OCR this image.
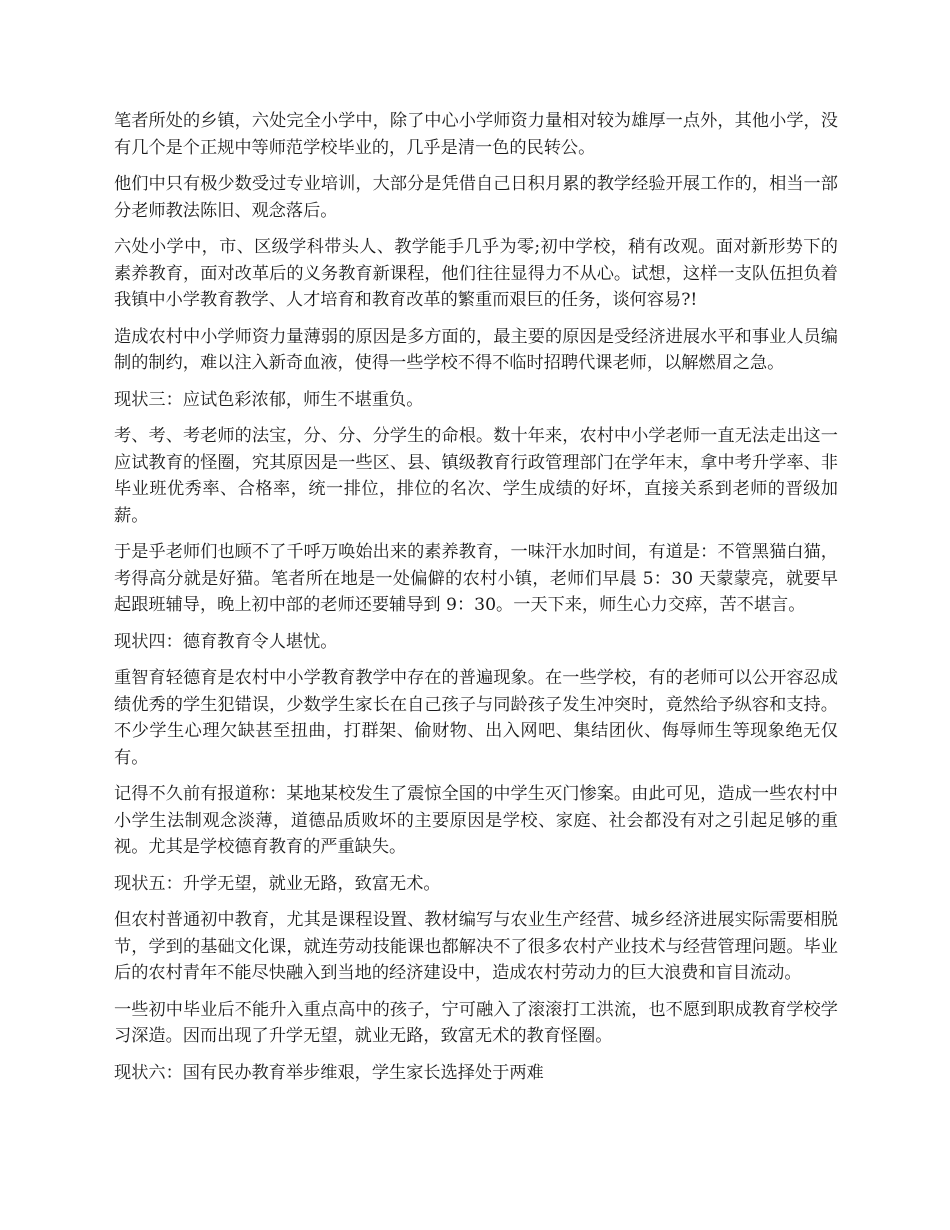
笔者所处的乡镇，六处完全小学中，除了中心小学师资力量相对较为雄厚一点外，其他小学，没有几个是个正规中等师范学校毕业的，几乎是清一色的民转公。

他们中只有极少数受过专业培训，大部分是凭借自己日积月累的教学经验开展工作的，相当一部分老师教法陈旧、观念落后。

六处小学中，市、区级学科带头人、教学能手几乎为零;初中学校，稍有改观。面对新形势下的素养教育，面对改革后的义务教育新课程，他们往往显得力不从心。试想，这样一支队伍担负着我镇中小学教育教学、人才培育和教育改革的繁重而艰巨的任务，谈何容易?!

造成农村中小学师资力量薄弱的原因是多方面的，最主要的原因是受经济进展水平和事业人员编制的制约，难以注入新奇血液，使得一些学校不得不临时招聘代课老师，以解燃眉之急。

现状三：应试色彩浓郁，师生不堪重负。

考、考、考老师的法宝，分、分、分学生的命根。数十年来，农村中小学老师一直无法走出这一应试教育的怪圈，究其原因是一些区、县、镇级教育行政管理部门在学年末，拿中考升学率、非毕业班优秀率、合格率，统一排位，排位的名次、学生成绩的好坏，直接关系到老师的晋级加薪。

于是乎老师们也顾不了千呼万唤始出来的素养教育，一味汗水加时间，有道是：不管黑猫白猫，考得高分就是好猫。笔者所在地是一处偏僻的农村小镇，老师们早晨 5：30 天蒙蒙亮，就要早起跟班辅导，晚上初中部的老师还要辅导到 9：30。一天下来，师生心力交瘁，苦不堪言。

现状四：德育教育令人堪忧。

重智育轻德育是农村中小学教育教学中存在的普遍现象。在一些学校，有的老师可以公开容忍成绩优秀的学生犯错误，少数学生家长在自己孩子与同龄孩子发生冲突时，竟然给予纵容和支持。不少学生心理欠缺甚至扭曲，打群架、偷财物、出入网吧、集结团伙、侮辱师生等现象绝无仅有。

记得不久前有报道称：某地某校发生了震惊全国的中学生灭门惨案。由此可见，造成一些农村中小学生法制观念淡薄，道德品质败坏的主要原因是学校、家庭、社会都没有对之引起足够的重视。尤其是学校德育教育的严重缺失。

现状五：升学无望，就业无路，致富无术。

但农村普通初中教育，尤其是课程设置、教材编写与农业生产经营、城乡经济进展实际需要相脱节，学到的基础文化课，就连劳动技能课也都解决不了很多农村产业技术与经营管理问题。毕业后的农村青年不能尽快融入到当地的经济建设中，造成农村劳动力的巨大浪费和盲目流动。

一些初中毕业后不能升入重点高中的孩子，宁可融入了滚滚打工洪流，也不愿到职成教育学校学习深造。因而出现了升学无望，就业无路，致富无术的教育怪圈。

现状六：国有民办教育举步维艰，学生家长选择处于两难
